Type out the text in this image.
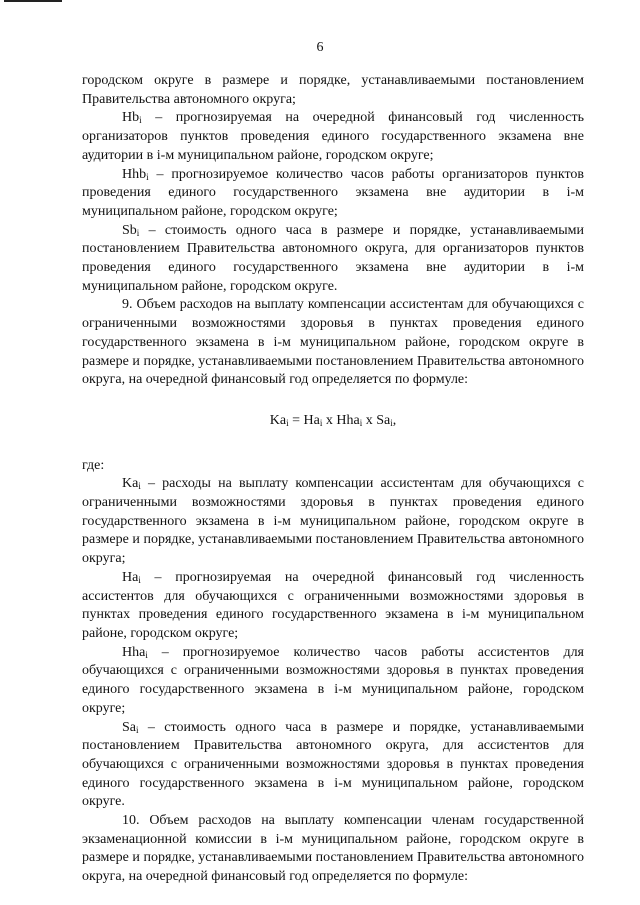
6

городском округе в размере и порядке, устанавливаемыми постановлением Правительства автономного округа;

$Hb_i$ – прогнозируемая на очередной финансовый год численность организаторов пунктов проведения единого государственного экзамена вне аудитории в i-м муниципальном районе, городском округе;

Hhb$_i$ – прогнозируемое количество часов работы организаторов пунктов проведения единого государственного экзамена вне аудитории в i-м муниципальном районе, городском округе;

$Sb_i$ – стоимость одного часа в размере и порядке, устанавливаемыми постановлением Правительства автономного округа, для организаторов пунктов проведения единого государственного экзамена вне аудитории в i-м муниципальном районе, городском округе.

9. Объем расходов на выплату компенсации ассистентам для обучающихся с ограниченными возможностями здоровья в пунктах проведения единого государственного экзамена в i-м муниципальном районе, городском округе в размере и порядке, устанавливаемыми постановлением Правительства автономного округа, на очередной финансовый год определяется по формуле:

$Ka_i = Ha_i$ x Hha$_i$ x $Sa_i$,

где:

$Ka_i$ – расходы на выплату компенсации ассистентам для обучающихся с ограниченными возможностями здоровья в пунктах проведения единого государственного экзамена в i-м муниципальном районе, городском округе в размере и порядке, устанавливаемыми постановлением Правительства автономного округа;

$Ha_i$ – прогнозируемая на очередной финансовый год численность ассистентов для обучающихся с ограниченными возможностями здоровья в пунктах проведения единого государственного экзамена в i-м муниципальном районе, городском округе;

Hha$_i$ – прогнозируемое количество часов работы ассистентов для обучающихся с ограниченными возможностями здоровья в пунктах проведения единого государственного экзамена в i-м муниципальном районе, городском округе;

$Sa_i$ – стоимость одного часа в размере и порядке, устанавливаемыми постановлением Правительства автономного округа, для ассистентов для обучающихся с ограниченными возможностями здоровья в пунктах проведения единого государственного экзамена в i-м муниципальном районе, городском округе.

10. Объем расходов на выплату компенсации членам государственной экзаменационной комиссии в i-м муниципальном районе, городском округе в размере и порядке, устанавливаемыми постановлением Правительства автономного округа, на очередной финансовый год определяется по формуле:
